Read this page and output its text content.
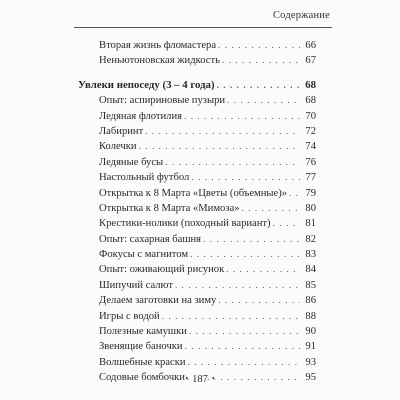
Содержание
Вторая жизнь фломастера . . .	66
Неньютоновская жидкость . . .	67
Увлеки непоседу (3 – 4 года) . . .	68
Опыт: аспириновые пузыри . . .	68
Ледяная флотилия . . .	70
Лабиринт . . .	72
Колечки . . .	74
Ледяные бусы . . .	76
Настольный футбол . . .	77
Открытка к 8 Марта «Цветы (объемные)» . . .	79
Открытка к 8 Марта «Мимоза» . . .	80
Крестики-нолики (походный вариант) . . .	81
Опыт: сахарная башня . . .	82
Фокусы с магнитом . . .	83
Опыт: оживающий рисунок . . .	84
Шипучий салют . . .	85
Делаем заготовки на зиму . . .	86
Игры с водой . . .	88
Полезные камушки . . .	90
Звенящие баночки . . .	91
Волшебные краски . . .	93
Содовые бомбочки . . .	95
• 187 •
